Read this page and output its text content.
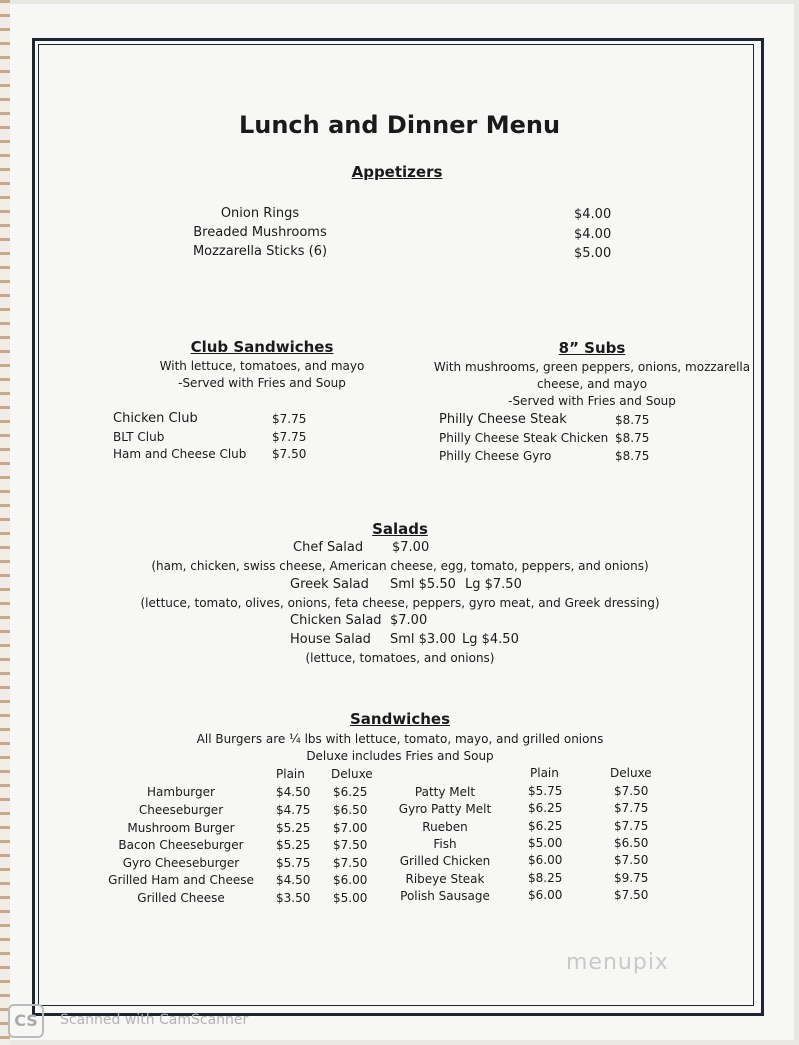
Lunch and Dinner Menu
Appetizers
Onion Rings	$4.00
Breaded Mushrooms	$4.00
Mozzarella Sticks (6)	$5.00
Club Sandwiches
With lettuce, tomatoes, and mayo
-Served with Fries and Soup
Chicken Club	$7.75
BLT Club	$7.75
Ham and Cheese Club $7.50
8” Subs
With mushrooms, green peppers, onions, mozzarella
cheese, and mayo
-Served with Fries and Soup
Philly Cheese Steak	$8.75
Philly Cheese Steak Chicken $8.75
Philly Cheese Gyro	$8.75
Salads
Chef Salad $7.00
(ham, chicken, swiss cheese, American cheese, egg, tomato, peppers, and onions)
Greek Salad Sml $5.50 Lg $7.50
(lettuce, tomato, olives, onions, feta cheese, peppers, gyro meat, and Greek dressing)
Chicken Salad $7.00
House Salad Sml $3.00 Lg $4.50
(lettuce, tomatoes, and onions)
Sandwiches
All Burgers are ¼ lbs with lettuce, tomato, mayo, and grilled onions
Deluxe includes Fries and Soup
Plain Deluxe	Plain	Deluxe
Hamburger	$4.50 $6.25
Cheeseburger	$4.75 $6.50
Mushroom Burger	$5.25 $7.00
Bacon Cheeseburger	$5.25 $7.50
Gyro Cheeseburger	$5.75 $7.50
Grilled Ham and Cheese	$4.50 $6.00
Grilled Cheese	$3.50 $5.00
Patty Melt	$5.75	$7.50
Gyro Patty Melt	$6.25	$7.75
Rueben	$6.25	$7.75
Fish	$5.00	$6.50
Grilled Chicken	$6.00	$7.50
Ribeye Steak	$8.25	$9.75
Polish Sausage	$6.00	$7.50
menupix
CS	Scanned with CamScanner
